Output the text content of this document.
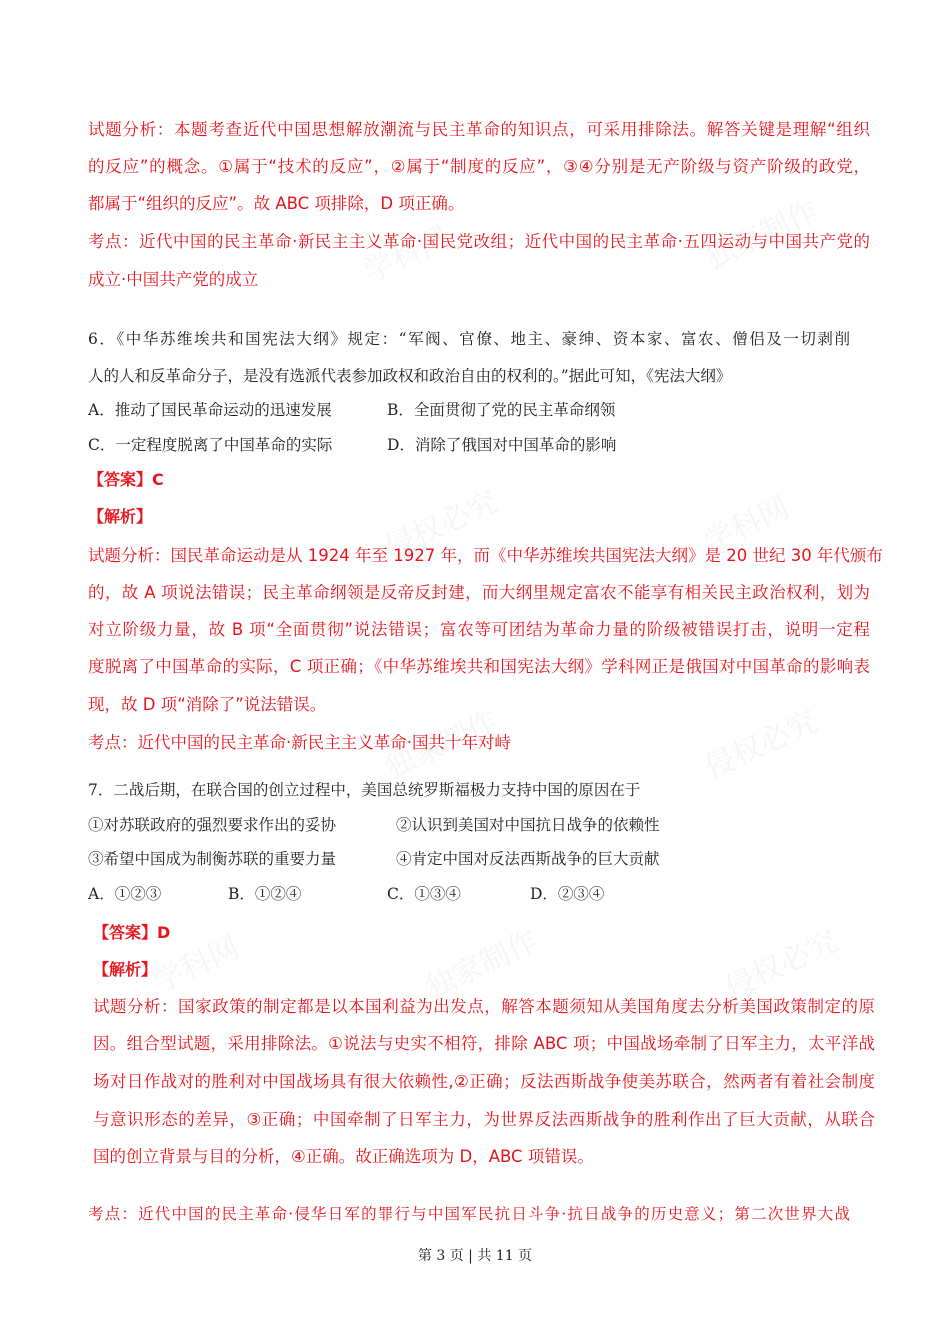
学科网	独家制作
侵权必究	学科网
独家制作	侵权必究
学科网	独家制作	侵权必究
试题分析：本题考查近代中国思想解放潮流与民主革命的知识点，可采用排除法。解答关键是理解“组织
的反应”的概念。①属于“技术的反应”，②属于“制度的反应”，③④分别是无产阶级与资产阶级的政党，
都属于“组织的反应”。故 ABC 项排除，D 项正确。
考点：近代中国的民主革命·新民主主义革命·国民党改组；近代中国的民主革命·五四运动与中国共产党的
成立·中国共产党的成立
6．《中华苏维埃共和国宪法大纲》规定：“军阀、官僚、地主、豪绅、资本家、富农、僧侣及一切剥削
人的人和反革命分子，是没有选派代表参加政权和政治自由的权利的。”据此可知，《宪法大纲》
A．推动了国民革命运动的迅速发展	B．全面贯彻了党的民主革命纲领
C．一定程度脱离了中国革命的实际	D．消除了俄国对中国革命的影响
【答案】C
【解析】
试题分析：国民革命运动是从 1924 年至 1927 年，而《中华苏维埃共国宪法大纲》是 20 世纪 30 年代颁布
的，故 A 项说法错误；民主革命纲领是反帝反封建，而大纲里规定富农不能享有相关民主政治权利，划为
对立阶级力量，故 B 项“全面贯彻”说法错误；富农等可团结为革命力量的阶级被错误打击，说明一定程
度脱离了中国革命的实际，C 项正确；《中华苏维埃共和国宪法大纲》学科网正是俄国对中国革命的影响表
现，故 D 项“消除了”说法错误。
考点：近代中国的民主革命·新民主主义革命·国共十年对峙
7．二战后期，在联合国的创立过程中，美国总统罗斯福极力支持中国的原因在于
①对苏联政府的强烈要求作出的妥协	②认识到美国对中国抗日战争的依赖性
③希望中国成为制衡苏联的重要力量	④肯定中国对反法西斯战争的巨大贡献
A．①②③	B．①②④	C．①③④	D．②③④
【答案】D
【解析】
试题分析：国家政策的制定都是以本国利益为出发点，解答本题须知从美国角度去分析美国政策制定的原
因。组合型试题，采用排除法。①说法与史实不相符，排除 ABC 项；中国战场牵制了日军主力，太平洋战
场对日作战对的胜利对中国战场具有很大依赖性,②正确；反法西斯战争使美苏联合，然两者有着社会制度
与意识形态的差异，③正确；中国牵制了日军主力，为世界反法西斯战争的胜利作出了巨大贡献，从联合
国的创立背景与目的分析，④正确。故正确选项为 D，ABC 项错误。
考点：近代中国的民主革命·侵华日军的罪行与中国军民抗日斗争·抗日战争的历史意义；第二次世界大战
第 3 页 | 共 11 页
